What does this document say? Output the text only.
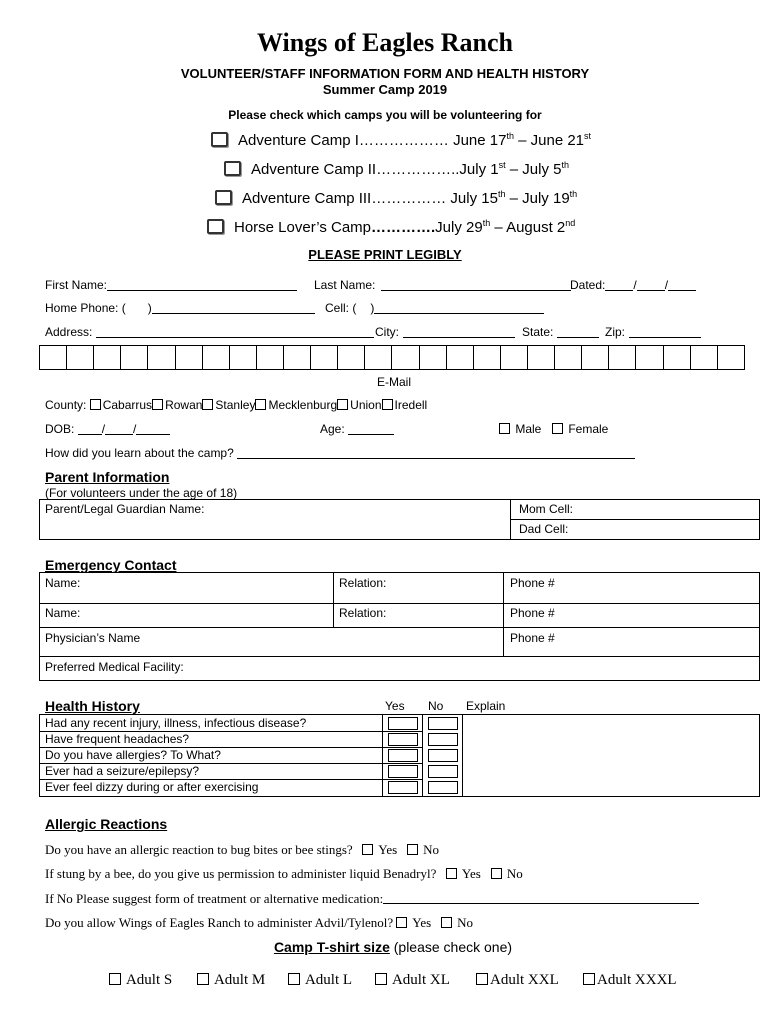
Wings of Eagles Ranch
VOLUNTEER/STAFF INFORMATION FORM AND HEALTH HISTORY
Summer Camp 2019
Please check which camps you will be volunteering for
Adventure Camp I……………… June 17th – June 21st
Adventure Camp II……………..July 1st – July 5th
Adventure Camp III…………… July 15th – July 19th
Horse Lover’s Camp………….July 29th – August 2nd
PLEASE PRINT LEGIBLY
First Name:	Last Name:	Dated: / /
Home Phone: ( )	Cell: ( )
Address:	City:	State:	Zip:
E-Mail
County: Cabarrus Rowan Stanley Mecklenburg Union Iredell
DOB: / /	Age:	Male	Female
How did you learn about the camp?
Parent Information
(For volunteers under the age of 18)
Parent/Legal Guardian Name:	Mom Cell:
Dad Cell:
Emergency Contact
Name:	Relation:	Phone #
Name:	Relation:	Phone #
Physician’s Name	Phone #
Preferred Medical Facility:
Health History	Yes No Explain
Had any recent injury, illness, infectious disease?
Have frequent headaches?
Do you have allergies? To What?
Ever had a seizure/epilepsy?
Ever feel dizzy during or after exercising
Allergic Reactions
Do you have an allergic reaction to bug bites or bee stings? Yes No
If stung by a bee, do you give us permission to administer liquid Benadryl? Yes No
If No Please suggest form of treatment or alternative medication:
Do you allow Wings of Eagles Ranch to administer Advil/Tylenol? Yes No
Camp T-shirt size (please check one)
Adult S	Adult M	Adult L	Adult XL	Adult XXL	Adult XXXL
